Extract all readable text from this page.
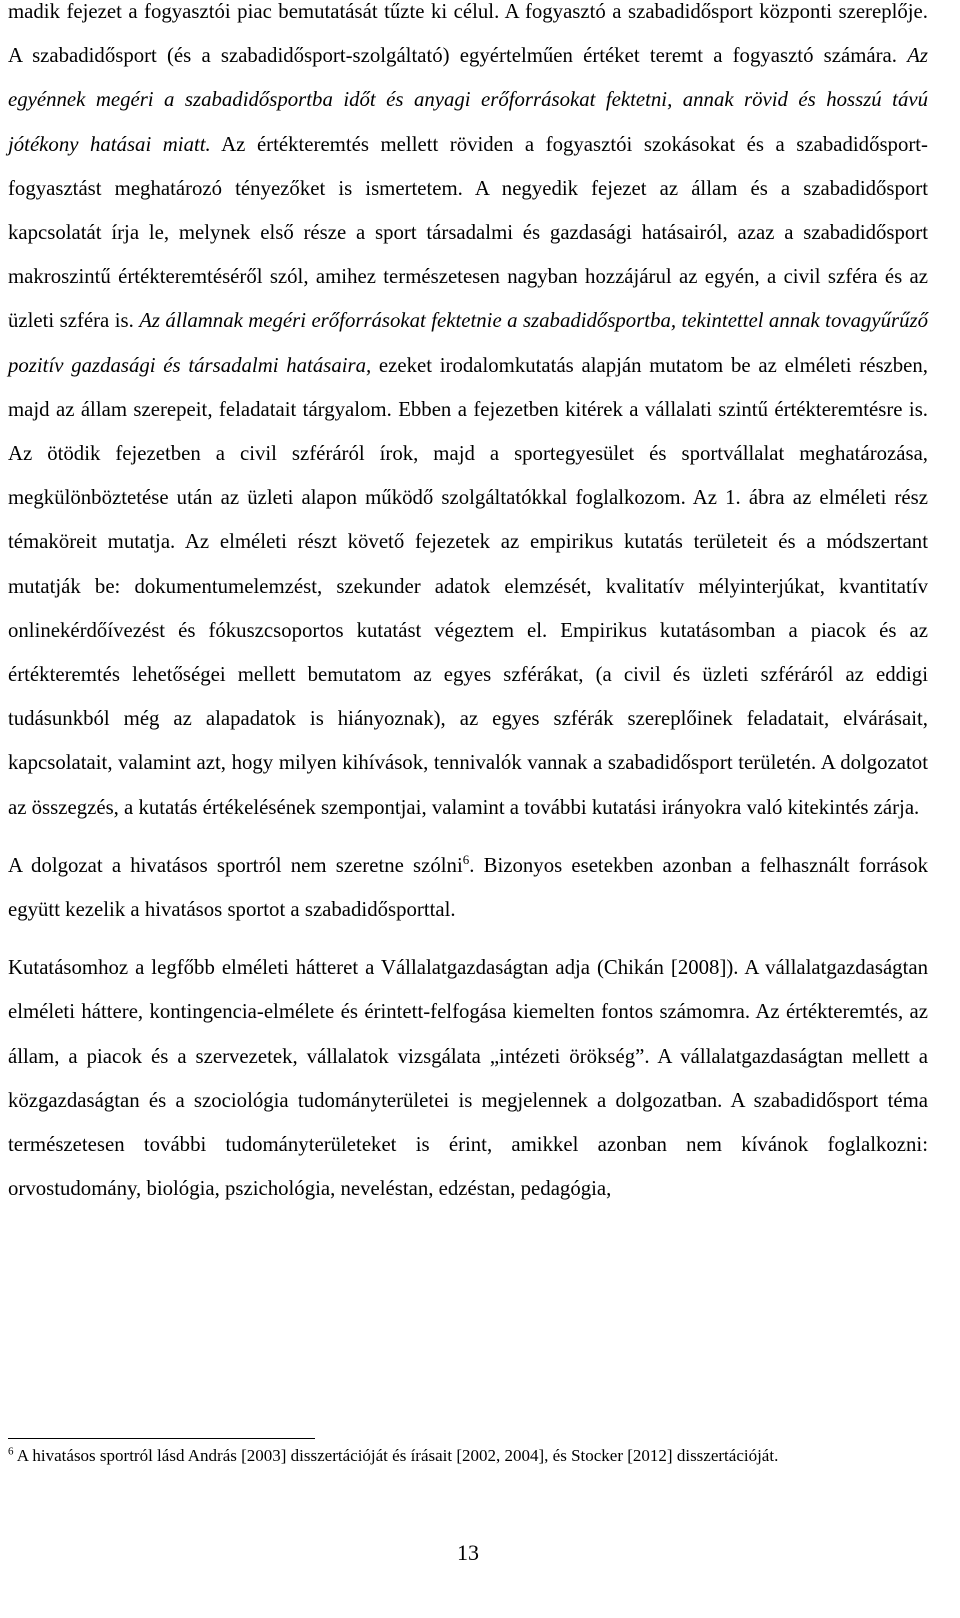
madik fejezet a fogyasztói piac bemutatását tűzte ki célul. A fogyasztó a szabadidősport központi szereplője. A szabadidősport (és a szabadidősport-szolgáltató) egyértelműen értéket teremt a fogyasztó számára. Az egyénnek megéri a szabadidősportba időt és anyagi erőforrásokat fektetni, annak rövid és hosszú távú jótékony hatásai miatt. Az értékteremtés mellett röviden a fogyasztói szokásokat és a szabadidősport-fogyasztást meghatározó tényezőket is ismertetem. A negyedik fejezet az állam és a szabadidősport kapcsolatát írja le, melynek első része a sport társadalmi és gazdasági hatásairól, azaz a szabadidősport makroszintű értékteremtéséről szól, amihez természetesen nagyban hozzájárul az egyén, a civil szféra és az üzleti szféra is. Az államnak megéri erőforrásokat fektetnie a szabadidősportba, tekintettel annak tovagyűrűző pozitív gazdasági és társadalmi hatásaira, ezeket irodalomkutatás alapján mutatom be az elméleti részben, majd az állam szerepeit, feladatait tárgyalom. Ebben a fejezetben kitérek a vállalati szintű értékteremtésre is. Az ötödik fejezetben a civil szféráról írok, majd a sportegyesület és sportvállalat meghatározása, megkülönböztetése után az üzleti alapon működő szolgáltatókkal foglalkozom. Az 1. ábra az elméleti rész témaköreit mutatja. Az elméleti részt követő fejezetek az empirikus kutatás területeit és a módszertant mutatják be: dokumentumelemzést, szekunder adatok elemzését, kvalitatív mélyinterjúkat, kvantitatív onlinekérdőívezést és fókuszcsoportos kutatást végeztem el. Empirikus kutatásomban a piacok és az értékteremtés lehetőségei mellett bemutatom az egyes szférákat, (a civil és üzleti szféráról az eddigi tudásunkból még az alapadatok is hiányoznak), az egyes szférák szereplőinek feladatait, elvárásait, kapcsolatait, valamint azt, hogy milyen kihívások, tennivalók vannak a szabadidősport területén. A dolgozatot az összegzés, a kutatás értékelésének szempontjai, valamint a további kutatási irányokra való kitekintés zárja.

A dolgozat a hivatásos sportról nem szeretne szólni$^6$. Bizonyos esetekben azonban a felhasznált források együtt kezelik a hivatásos sportot a szabadidősporttal.

Kutatásomhoz a legfőbb elméleti hátteret a Vállalatgazdaságtan adja (Chikán [2008]). A vállalatgazdaságtan elméleti háttere, kontingencia-elmélete és érintett-felfogása kiemelten fontos számomra. Az értékteremtés, az állam, a piacok és a szervezetek, vállalatok vizsgálata „intézeti örökség”. A vállalatgazdaságtan mellett a közgazdaságtan és a szociológia tudományterületei is megjelennek a dolgozatban. A szabadidősport téma természetesen további tudományterületeket is érint, amikkel azonban nem kívánok foglalkozni: orvostudomány, biológia, pszichológia, neveléstan, edzéstan, pedagógia,

$^6$ A hivatásos sportról lásd András [2003] disszertációját és írásait [2002, 2004], és Stocker [2012] disszertációját.

13
